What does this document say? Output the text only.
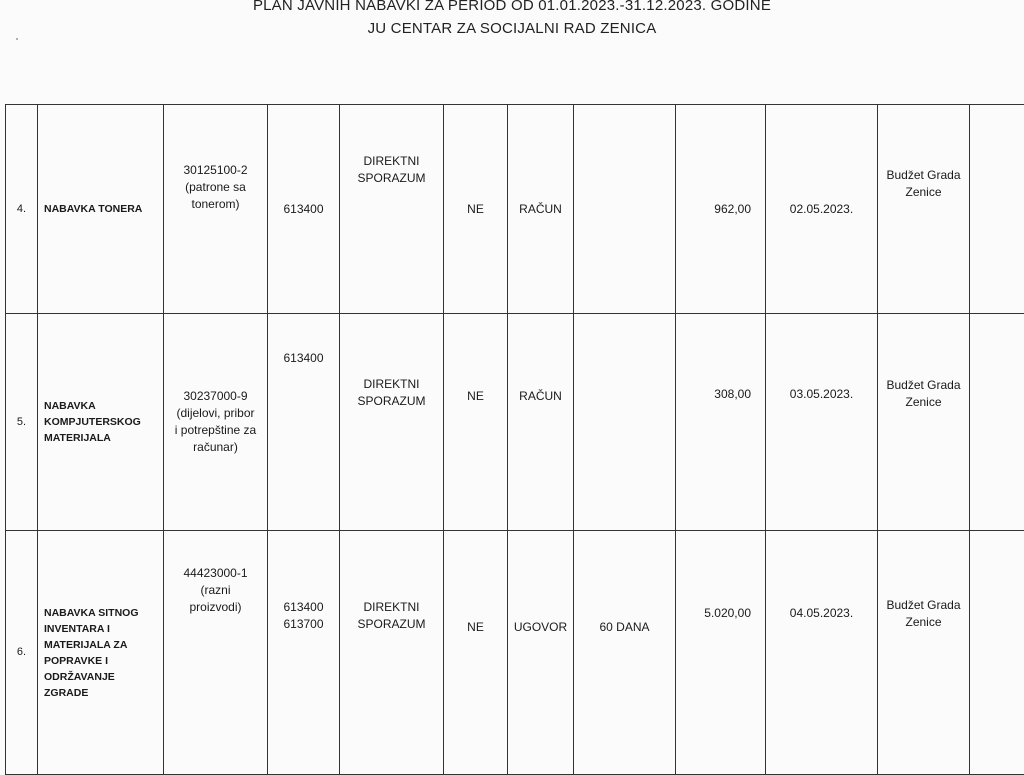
PLAN JAVNIH NABAVKI ZA PERIOD OD 01.01.2023.-31.12.2023. GODINE
JU CENTAR ZA SOCIJALNI RAD ZENICA
4.	NABAVKA TONERA	30125100-2
(patrone sa
tonerom)	613400	DIREKTNI
SPORAZUM	NE	RAČUN		962,00	02.05.2023.	Budžet Grada
Zenice	

5.	NABAVKA KOMPJUTERSKOG MATERIJALA	30237000-9
(dijelovi, pribor
i potrepštine za
računar)	613400	DIREKTNI
SPORAZUM	NE	RAČUN		308,00	03.05.2023.	Budžet Grada
Zenice	

6.	NABAVKA SITNOG INVENTARA I MATERIJALA ZA POPRAVKE I ODRŽAVANJE ZGRADE	44423000-1
(razni
proizvodi)	613400
613700	DIREKTNI
SPORAZUM	NE	UGOVOR	60 DANA	5.020,00	04.05.2023.	Budžet Grada
Zenice	
